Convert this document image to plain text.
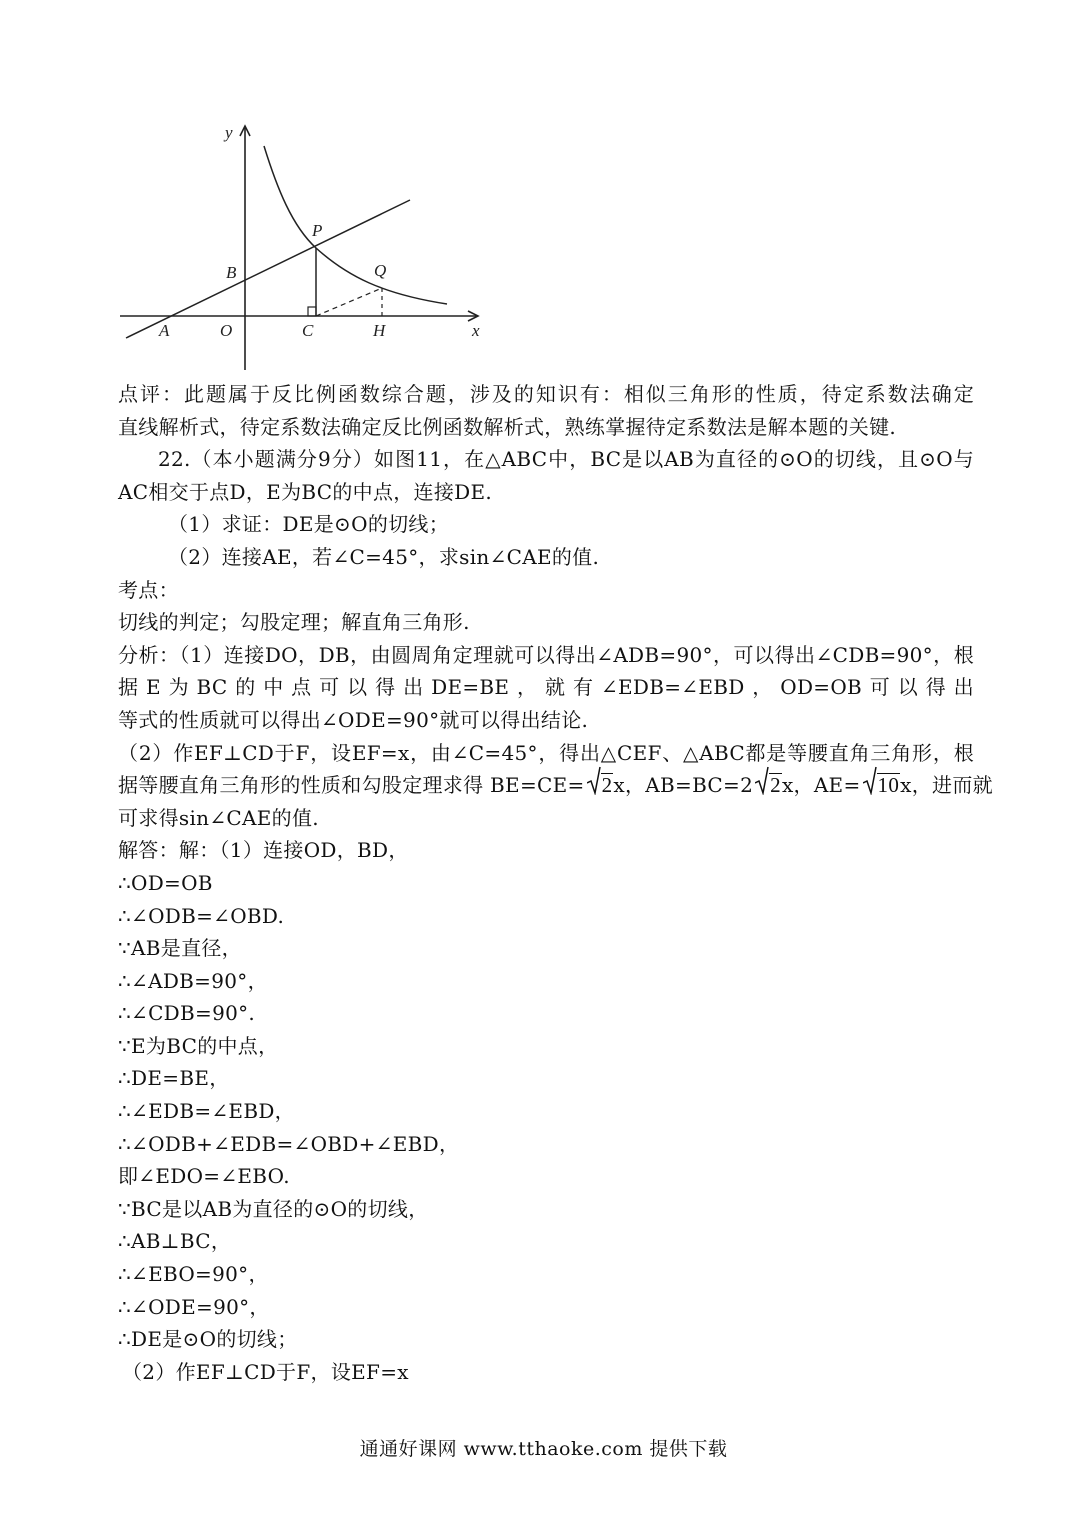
y
x
A	O	C	H
B
P
Q
点评：此题属于反比例函数综合题，涉及的知识有：相似三角形的性质，待定系数法确定
直线解析式，待定系数法确定反比例函数解析式，熟练掌握待定系数法是解本题的关键.
22.（本小题满分9分）如图11，在△ABC中，BC是以AB为直径的⊙O的切线，且⊙O与
AC相交于点D，E为BC的中点，连接DE.
（1）求证：DE是⊙O的切线；
（2）连接AE，若∠C=45°，求sin∠CAE的值.
考点：
切线的判定；勾股定理；解直角三角形.
分析：（1）连接DO，DB，由圆周角定理就可以得出∠ADB=90°，可以得出∠CDB=90°，根
据E为BC的中点可以得出DE=BE，就有∠EDB=∠EBD，OD=OB可以得出
等式的性质就可以得出∠ODE=90°就可以得出结论.
（2）作EF⊥CD于F，设EF=x，由∠C=45°，得出△CEF、△ABC都是等腰直角三角形，根
据等腰直角三角形的性质和勾股定理求得 BE=CE= 2x，AB=BC=2 2x，AE= 10x，进而就
可求得sin∠CAE的值.
解答：解：（1）连接OD，BD，
∴OD=OB
∴∠ODB=∠OBD.
∵AB是直径，
∴∠ADB=90°，
∴∠CDB=90°.
∵E为BC的中点，
∴DE=BE，
∴∠EDB=∠EBD，
∴∠ODB+∠EDB=∠OBD+∠EBD，
即∠EDO=∠EBO.
∵BC是以AB为直径的⊙O的切线，
∴AB⊥BC，
∴∠EBO=90°，
∴∠ODE=90°，
∴DE是⊙O的切线；
（2）作EF⊥CD于F，设EF=x
通通好课网 www.tthaoke.com 提供下载
